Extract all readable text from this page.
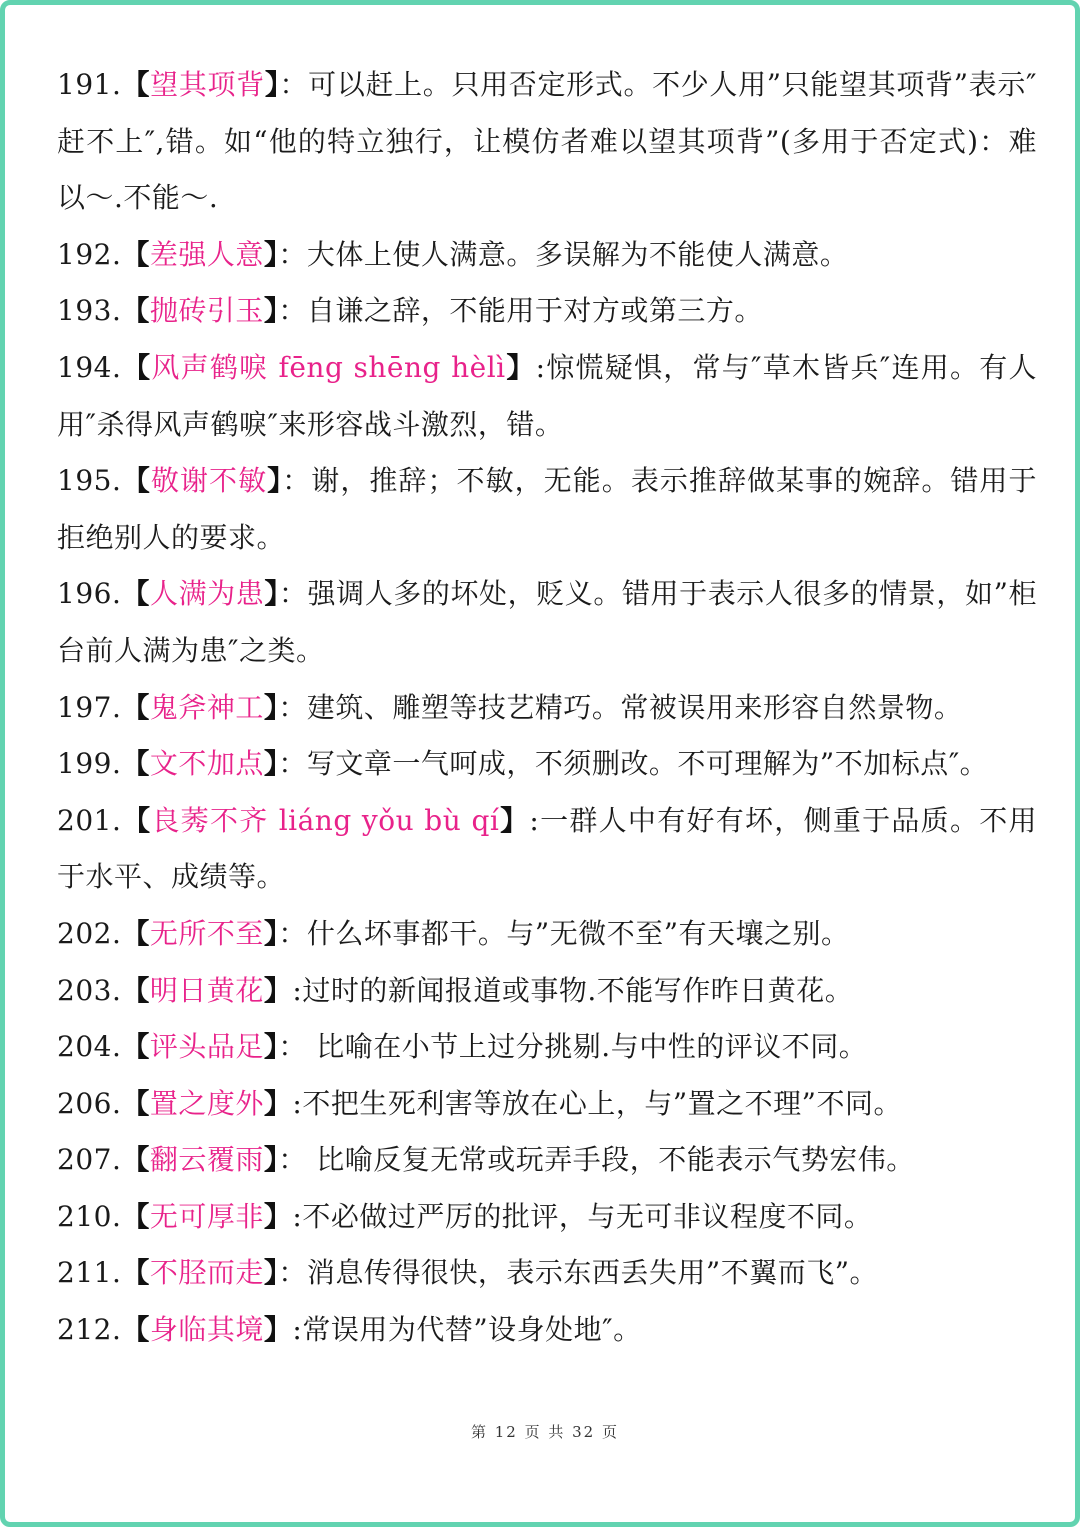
191.【望其项背】：可以赶上。只用否定形式。不少人用”只能望其项背”表示″赶不上″,错。如“他的特立独行，让模仿者难以望其项背”(多用于否定式)：难以～.不能～.
192.【差强人意】：大体上使人满意。多误解为不能使人满意。
193.【抛砖引玉】：自谦之辞，不能用于对方或第三方。
194.【风声鹤唳 fēng shēng hèlì】:惊慌疑惧，常与″草木皆兵″连用。有人用″杀得风声鹤唳″来形容战斗激烈，错。
195.【敬谢不敏】：谢，推辞；不敏，无能。表示推辞做某事的婉辞。错用于拒绝别人的要求。
196.【人满为患】：强调人多的坏处，贬义。错用于表示人很多的情景，如”柜台前人满为患″之类。
197.【鬼斧神工】：建筑、雕塑等技艺精巧。常被误用来形容自然景物。
199.【文不加点】：写文章一气呵成，不须删改。不可理解为”不加标点″。
201.【良莠不齐 liáng yǒu bù qí】:一群人中有好有坏，侧重于品质。不用于水平、成绩等。
202.【无所不至】：什么坏事都干。与”无微不至”有天壤之别。
203.【明日黄花】:过时的新闻报道或事物.不能写作昨日黄花。
204.【评头品足】： 比喻在小节上过分挑剔.与中性的评议不同。
206.【置之度外】:不把生死利害等放在心上，与”置之不理”不同。
207.【翻云覆雨】： 比喻反复无常或玩弄手段，不能表示气势宏伟。
210.【无可厚非】:不必做过严厉的批评，与无可非议程度不同。
211.【不胫而走】：消息传得很快，表示东西丢失用”不翼而飞”。
212.【身临其境】:常误用为代替”设身处地″。
第 12 页 共 32 页
